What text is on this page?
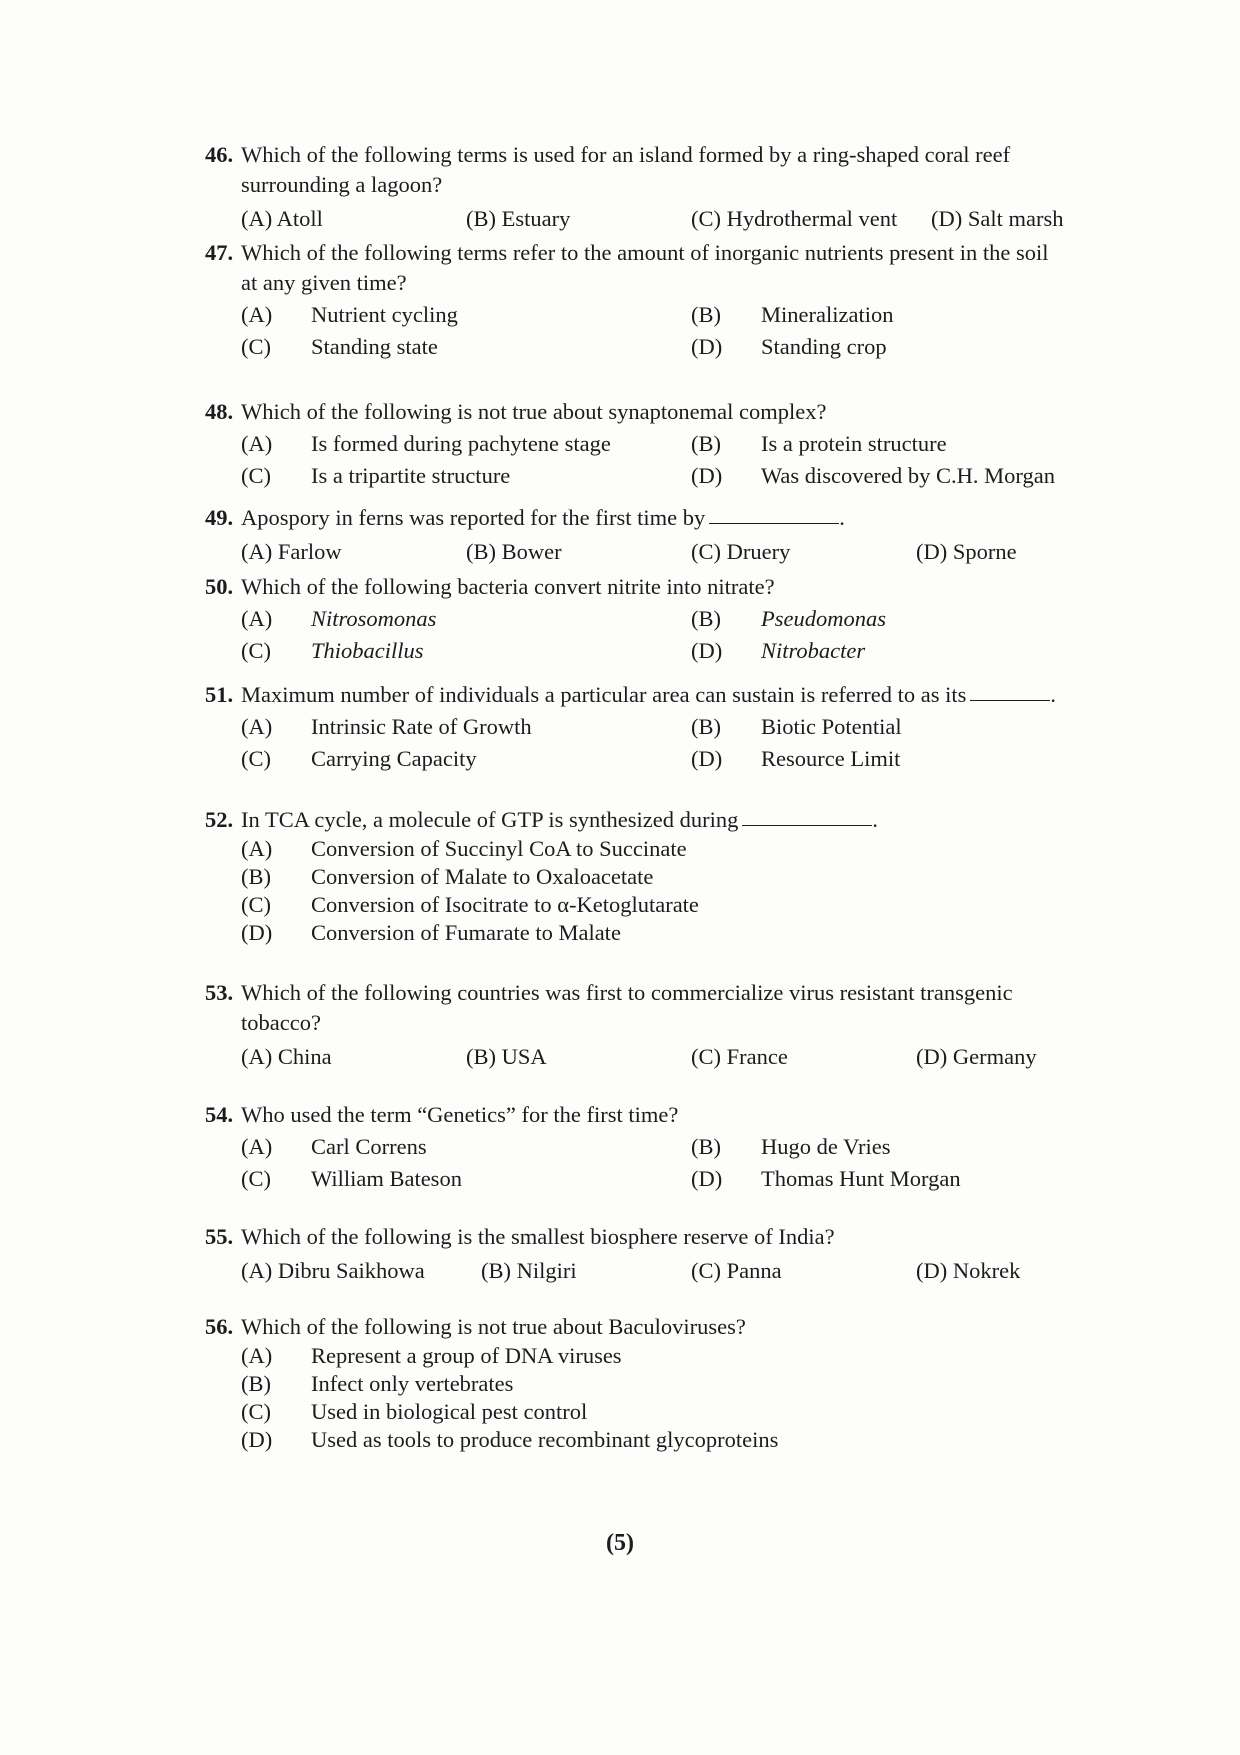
46. Which of the following terms is used for an island formed by a ring-shaped coral reef
surrounding a lagoon?
(A) Atoll	(B) Estuary	(C) Hydrothermal vent	(D) Salt marsh
47. Which of the following terms refer to the amount of inorganic nutrients present in the soil
at any given time?
(A)	Nutrient cycling	(B)	Mineralization
(C)	Standing state	(D)	Standing crop
48. Which of the following is not true about synaptonemal complex?
(A)	Is formed during pachytene stage	(B)	Is a protein structure
(C)	Is a tripartite structure	(D)	Was discovered by C.H. Morgan
49. Apospory in ferns was reported for the first time by	.
(A) Farlow	(B) Bower	(C) Druery	(D) Sporne
50. Which of the following bacteria convert nitrite into nitrate?
(A)	Nitrosomonas	(B)	Pseudomonas
(C)	Thiobacillus	(D)	Nitrobacter
51. Maximum number of individuals a particular area can sustain is referred to as its	.
(A)	Intrinsic Rate of Growth	(B)	Biotic Potential
(C)	Carrying Capacity	(D)	Resource Limit
52. In TCA cycle, a molecule of GTP is synthesized during	.
(A)	Conversion of Succinyl CoA to Succinate
(B)	Conversion of Malate to Oxaloacetate
(C)	Conversion of Isocitrate to α-Ketoglutarate
(D)	Conversion of Fumarate to Malate
53. Which of the following countries was first to commercialize virus resistant transgenic
tobacco?
(A) China	(B) USA	(C) France	(D) Germany
54. Who used the term “Genetics” for the first time?
(A)	Carl Correns	(B)	Hugo de Vries
(C)	William Bateson	(D)	Thomas Hunt Morgan
55. Which of the following is the smallest biosphere reserve of India?
(A) Dibru Saikhowa	(B) Nilgiri	(C) Panna	(D) Nokrek
56. Which of the following is not true about Baculoviruses?
(A)	Represent a group of DNA viruses
(B)	Infect only vertebrates
(C)	Used in biological pest control
(D)	Used as tools to produce recombinant glycoproteins
(5)
